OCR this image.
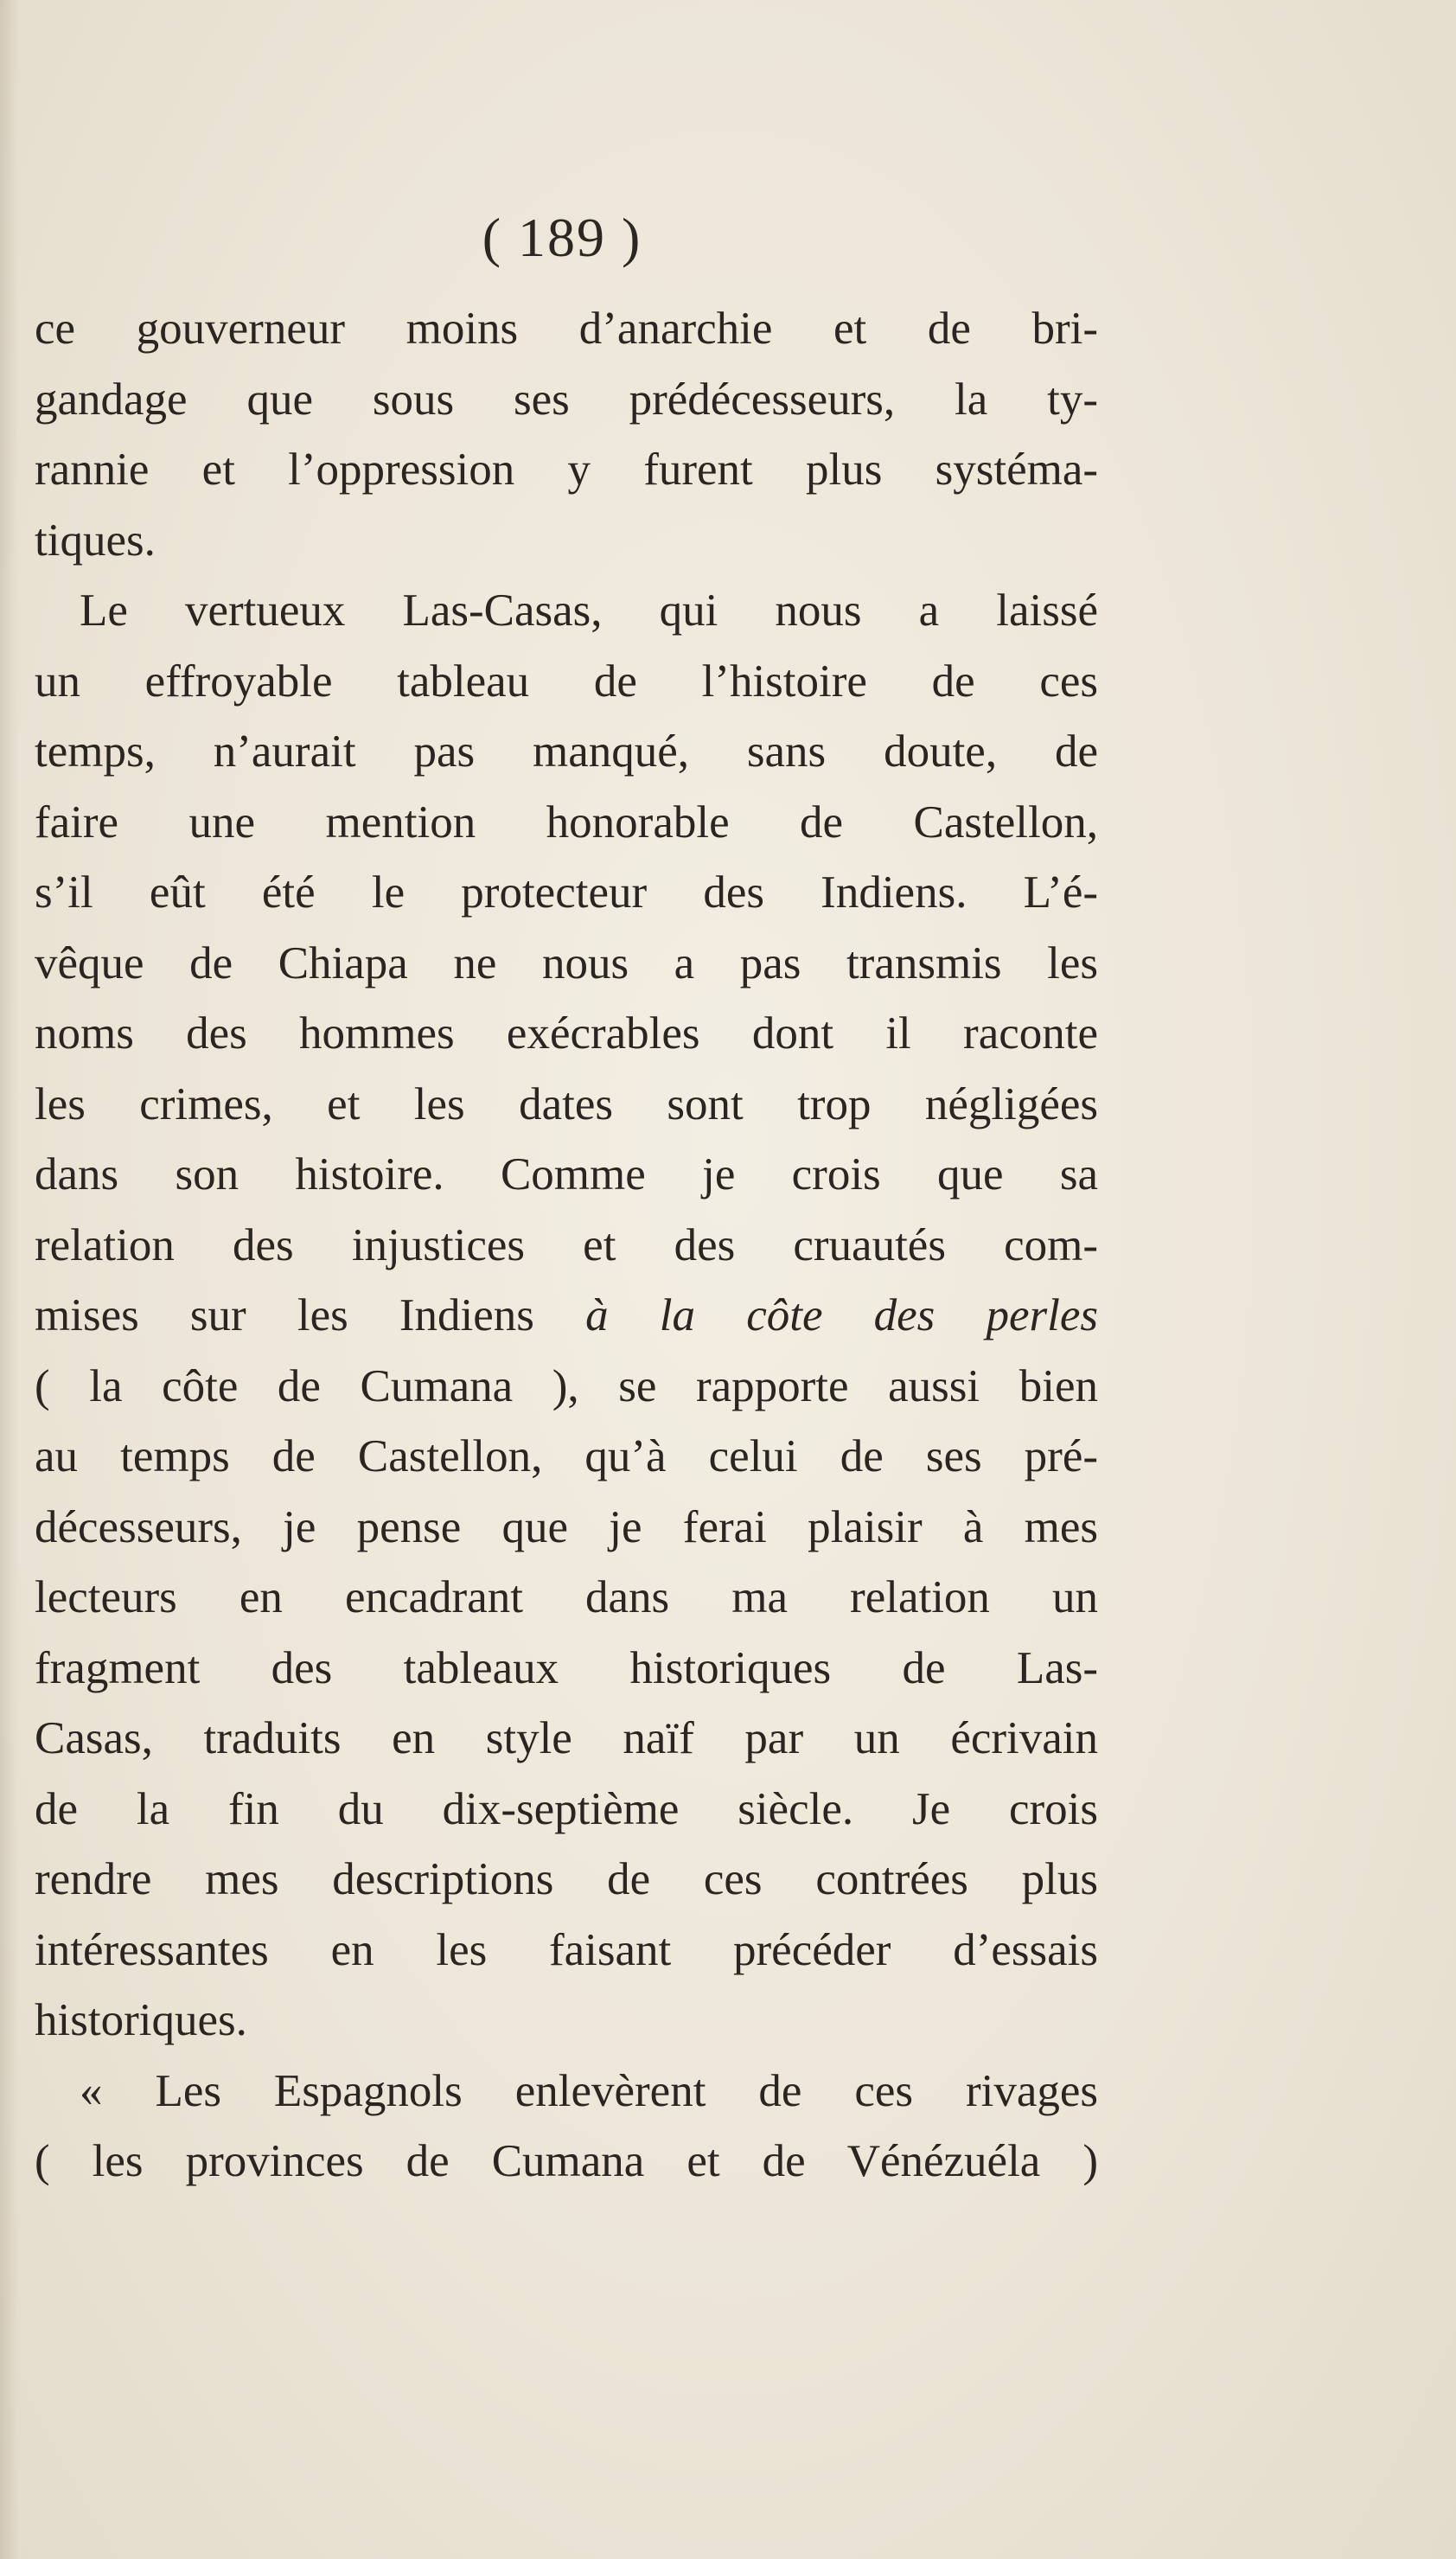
( 189 )
ce gouverneur moins d’anarchie et de bri-
gandage que sous ses prédécesseurs, la ty-
rannie et l’oppression y furent plus systéma-
tiques.
Le vertueux Las-Casas, qui nous a laissé
un effroyable tableau de l’histoire de ces
temps, n’aurait pas manqué, sans doute, de
faire une mention honorable de Castellon,
s’il eût été le protecteur des Indiens. L’é-
vêque de Chiapa ne nous a pas transmis les
noms des hommes exécrables dont il raconte
les crimes, et les dates sont trop négligées
dans son histoire. Comme je crois que sa
relation des injustices et des cruautés com-
mises sur les Indiens à la côte des perles
( la côte de Cumana ), se rapporte aussi bien
au temps de Castellon, qu’à celui de ses pré-
décesseurs, je pense que je ferai plaisir à mes
lecteurs en encadrant dans ma relation un
fragment des tableaux historiques de Las-
Casas, traduits en style naïf par un écrivain
de la fin du dix-septième siècle. Je crois
rendre mes descriptions de ces contrées plus
intéressantes en les faisant précéder d’essais
historiques.
« Les Espagnols enlevèrent de ces rivages
( les provinces de Cumana et de Vénézuéla )
